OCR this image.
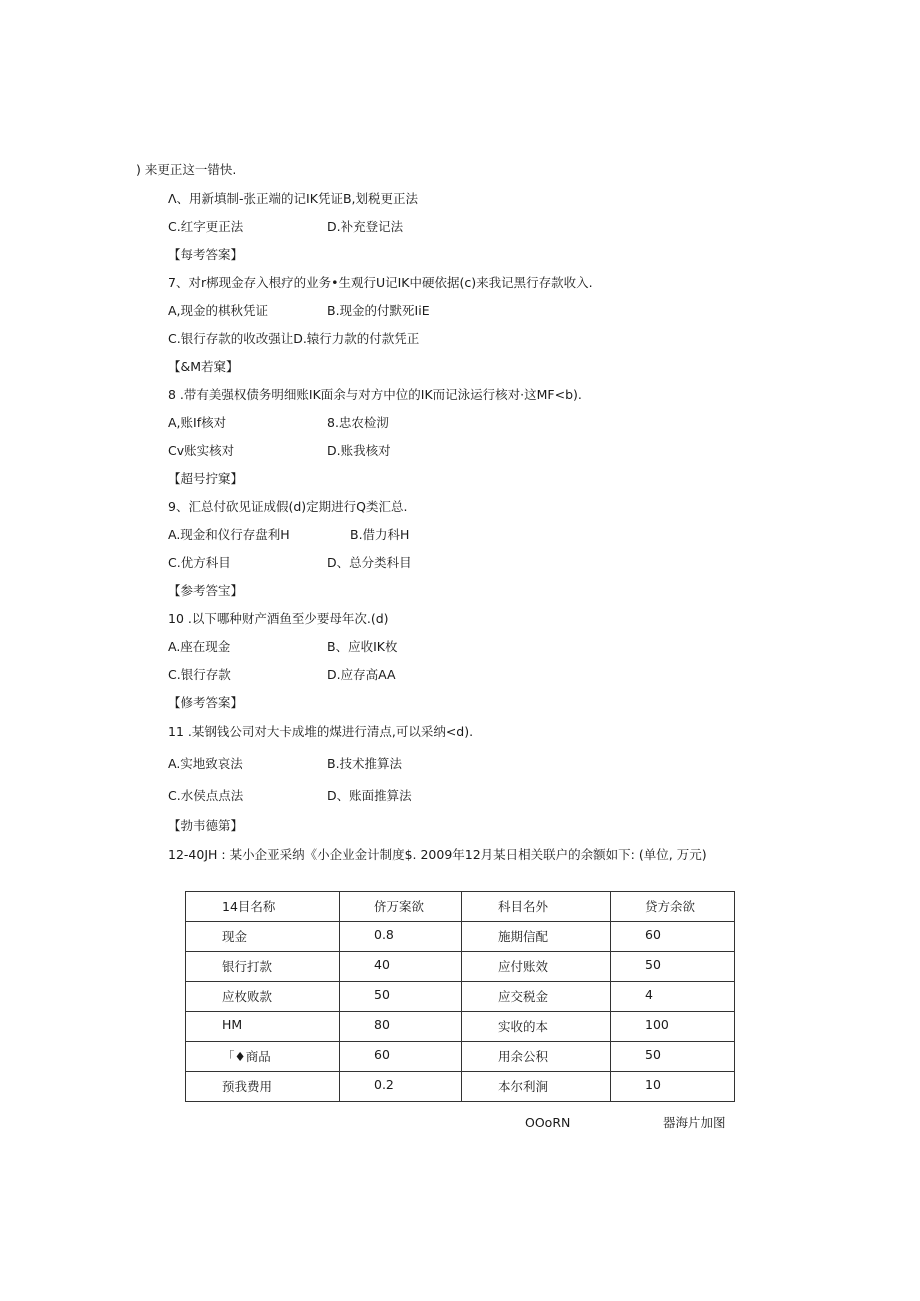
) 来更正这一错快.
Λ、用新填制-张正端的记IK凭证B,划税更正法
C.红字更正法	D.补充登记法
【每考答案】
7、对r梆现金存入根疗的业务•生观行U记IK中硬依据(c)来我记黑行存款收入.
A,现金的棋秋凭证	B.现金的付默死IiE
C.银行存款的收改强让D.辕行力款的付款凭正
【&M若窠】
8 .带有美强权债务明细账IK面余与对方中位的IK而记泳运行核对·这MF<b).
A,账If核对	8.忠农检沏
Cv账实核对	D.账我核对
【超号拧窠】
9、汇总付砍见证成假(d)定期进行Q类汇总.
A.现金和仪行存盘利H	B.借力科H
C.优方科目	D、总分类科目
【参考答宝】
10 .以下哪种财产酒鱼至少要母年次.(d)
A.座在现金	B、应收IK枚
C.银行存款	D.应存高AA
【修考答案】
11 .某钢钱公司对大卡成堆的煤进行清点,可以采纳<d).
A.实地致哀法	B.技术推算法
C.水侯点点法	D、账面推算法
【勃韦德第】
12-40JH : 某小企亚采纳《小企业金计制度$. 2009年12月某日相关联户的余额如下: (单位, 万元)
14目名称	侪万案欲	科目名外	贷方余欲

现金	0.8	施期信配	60

银行打款	40	应付账效	50

应枚败款	50	应交税金	4

HM	80	实收的本	100

「♦商品	60	用余公积	50

预我费用	0.2	本尔利涧	10
OOoRN	器海片加图
